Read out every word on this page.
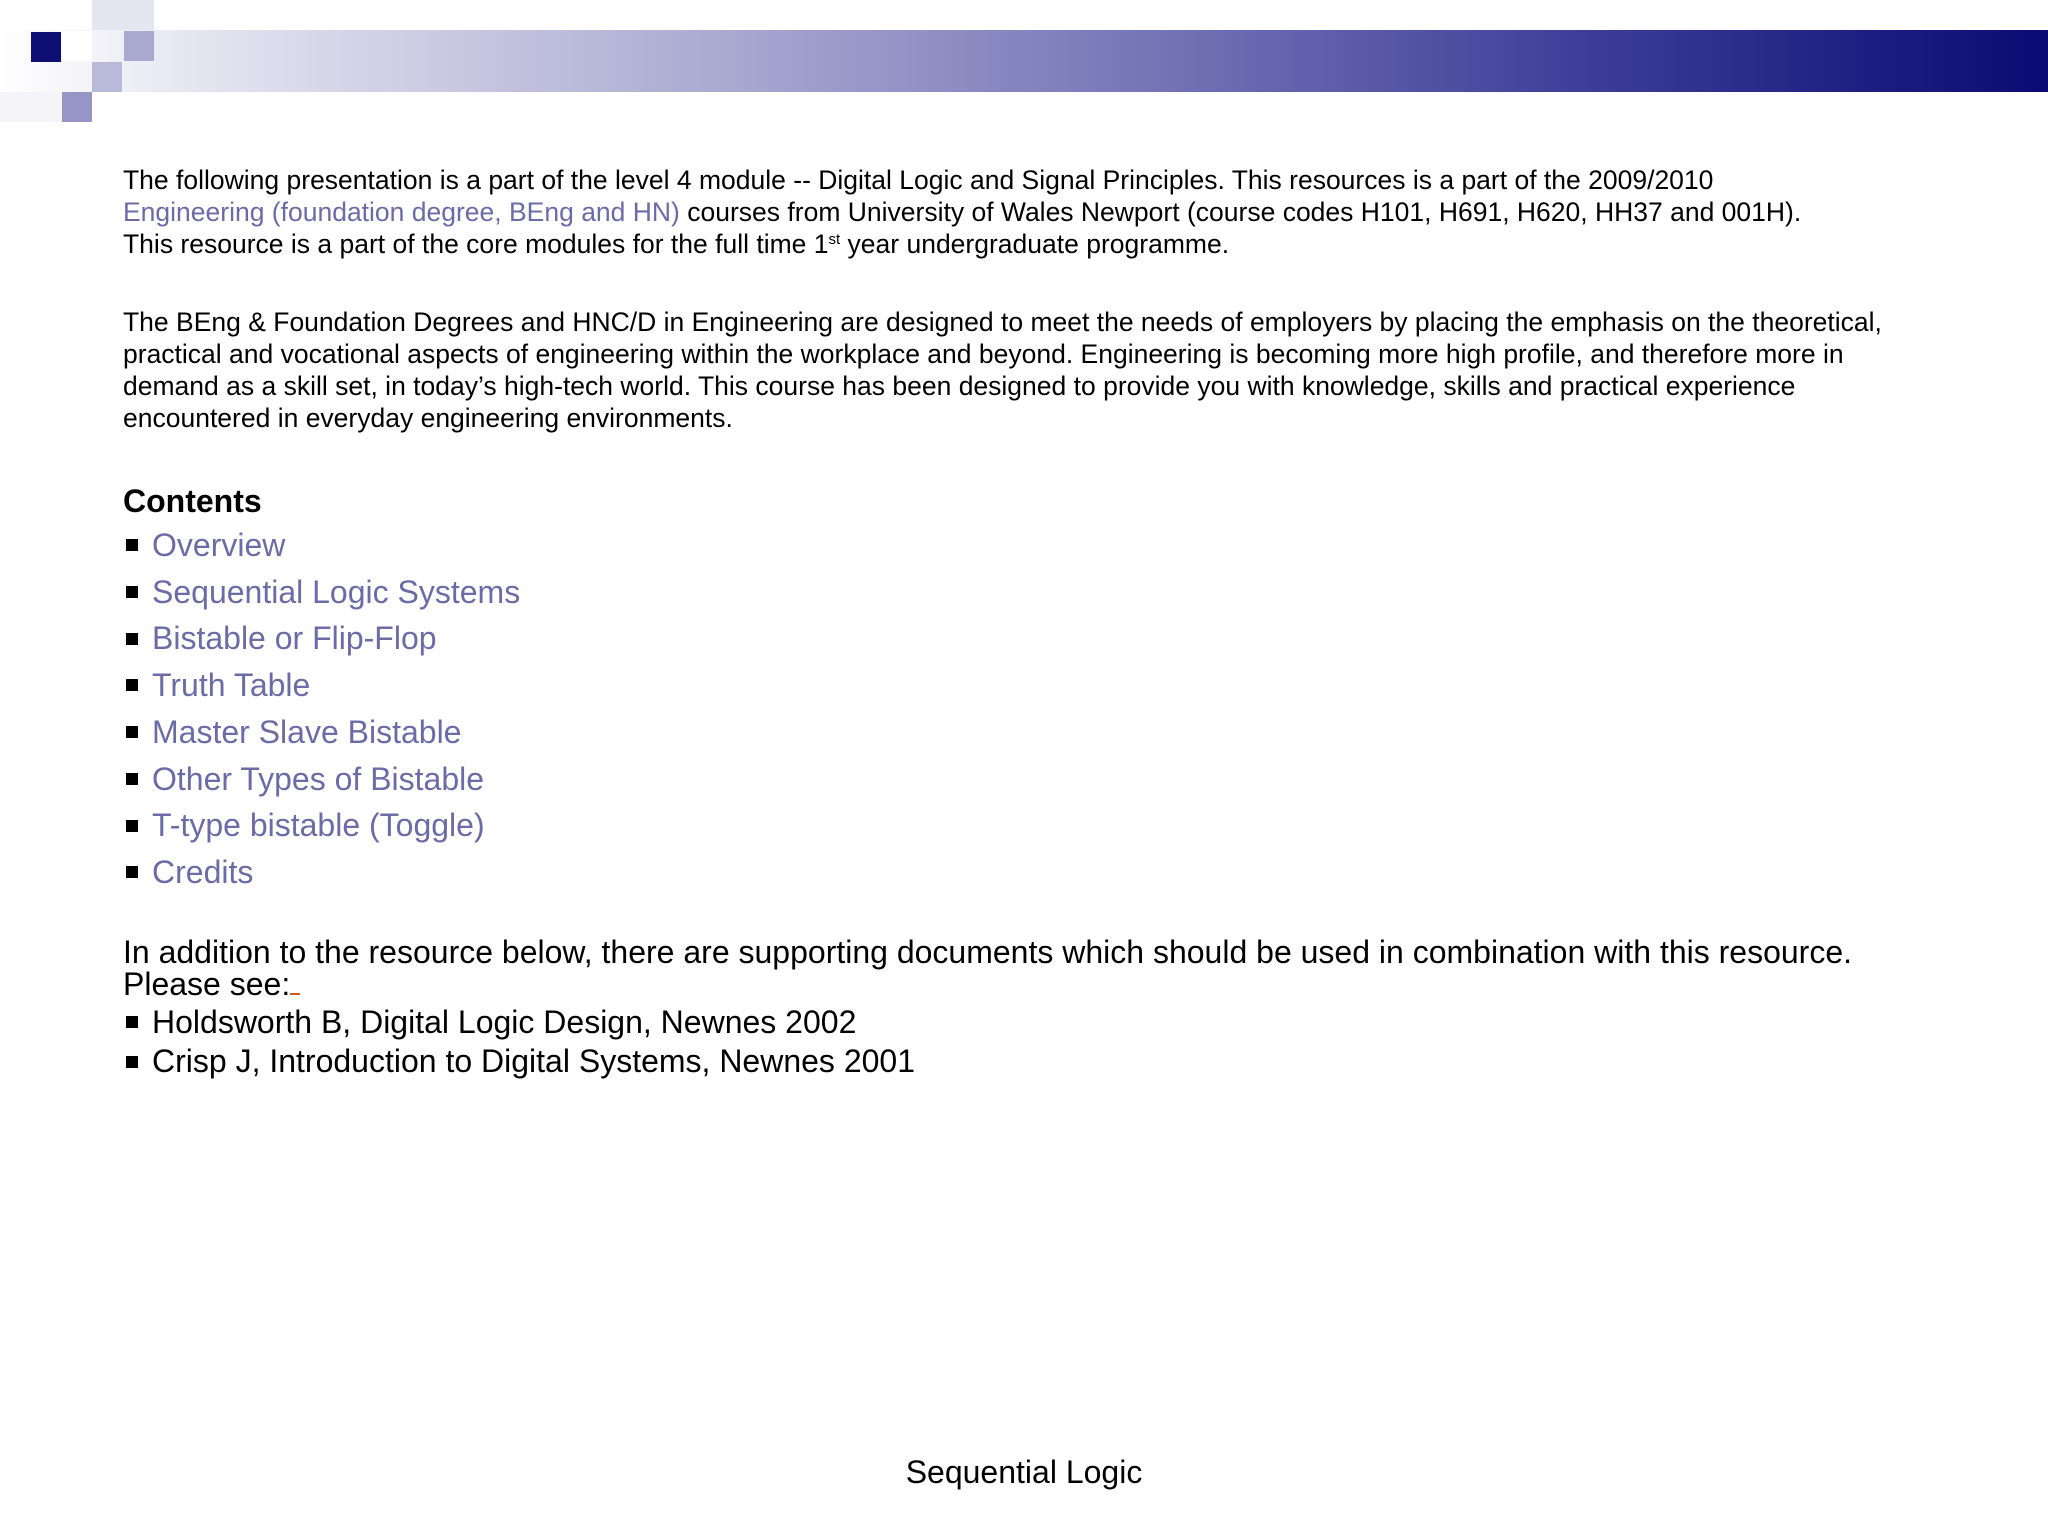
The following presentation is a part of the level 4 module -- Digital Logic and Signal Principles. This resources is a part of the 2009/2010
Engineering (foundation degree, BEng and HN) courses from University of Wales Newport (course codes H101, H691, H620, HH37 and 001H).
This resource is a part of the core modules for the full time 1st year undergraduate programme.

The BEng & Foundation Degrees and HNC/D in Engineering are designed to meet the needs of employers by placing the emphasis on the theoretical, practical and vocational aspects of engineering within the workplace and beyond. Engineering is becoming more high profile, and therefore more in demand as a skill set, in today’s high-tech world. This course has been designed to provide you with knowledge, skills and practical experience encountered in everyday engineering environments.

Contents
Overview
Sequential Logic Systems
Bistable or Flip-Flop
Truth Table
Master Slave Bistable
Other Types of Bistable
T-type bistable (Toggle)
Credits
In addition to the resource below, there are supporting documents which should be used in combination with this resource. Please see:
Holdsworth B, Digital Logic Design, Newnes 2002
Crisp J, Introduction to Digital Systems, Newnes 2001
Sequential Logic
